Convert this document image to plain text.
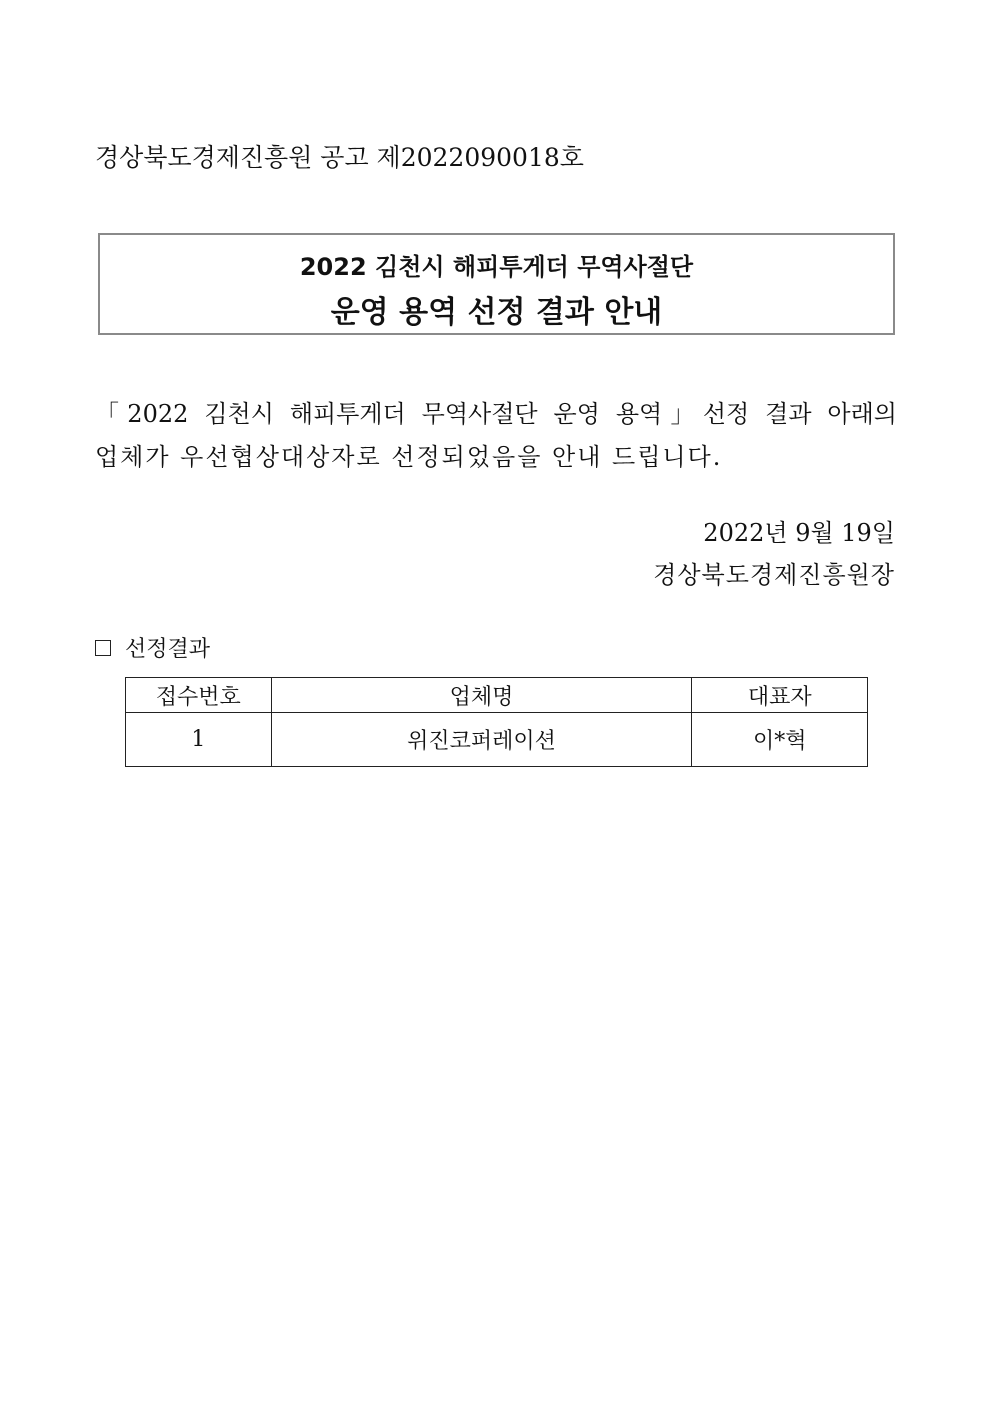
경상북도경제진흥원 공고 제2022090018호
2022 김천시 해피투게더 무역사절단
운영 용역 선정 결과 안내
「2022 김천시 해피투게더 무역사절단 운영 용역」선정 결과 아래의
업체가 우선협상대상자로 선정되었음을 안내 드립니다.
2022년 9월 19일
경상북도경제진흥원장
선정결과
접수번호	업체명	대표자
1	위진코퍼레이션	이*혁
